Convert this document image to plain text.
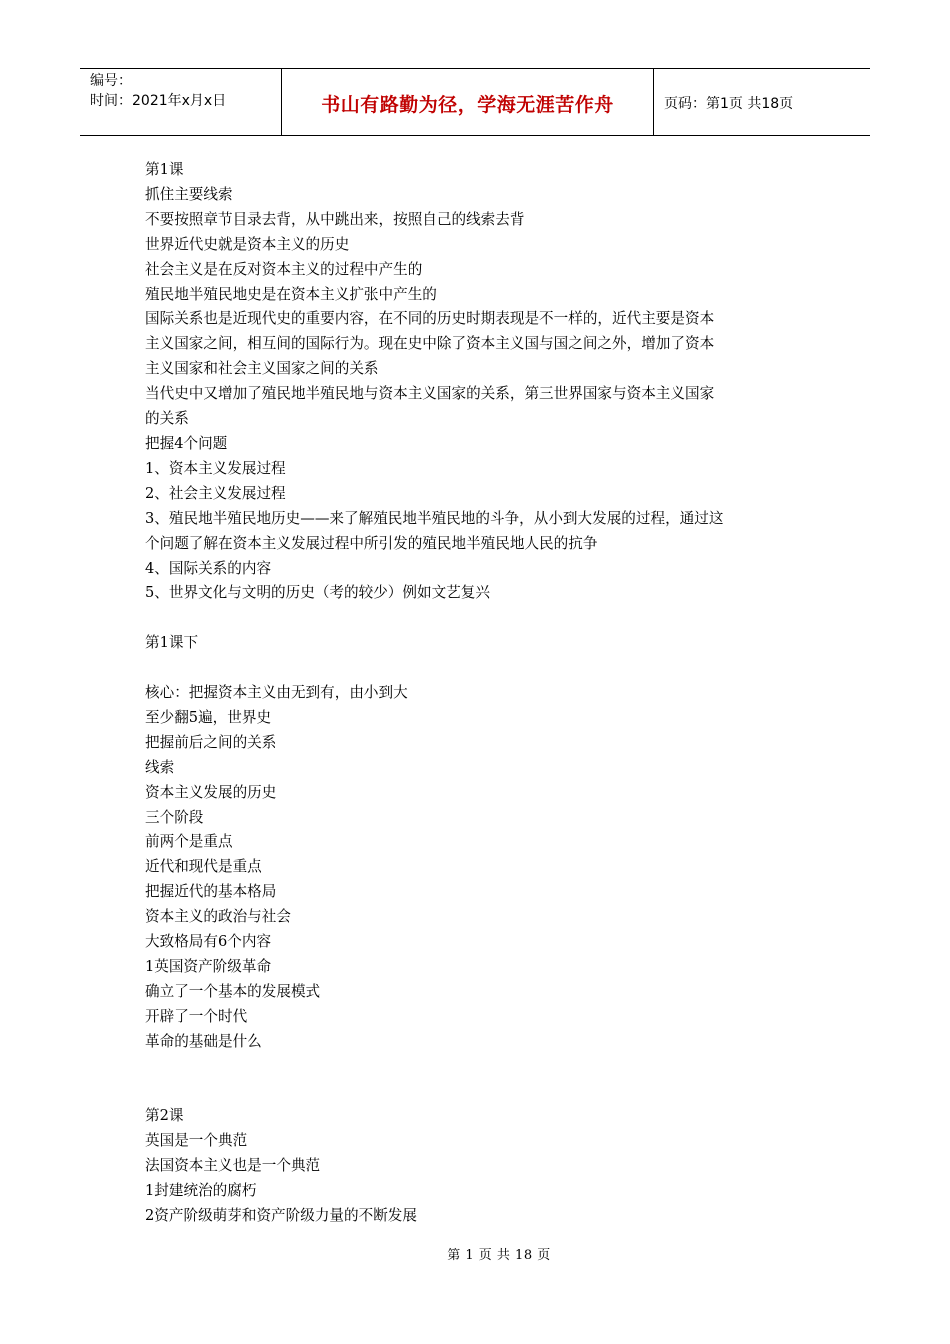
编号：
时间：2021年x月x日	书山有路勤为径，学海无涯苦作舟	页码：第1页 共18页
第1课
抓住主要线索
不要按照章节目录去背，从中跳出来，按照自己的线索去背
世界近代史就是资本主义的历史
社会主义是在反对资本主义的过程中产生的
殖民地半殖民地史是在资本主义扩张中产生的
国际关系也是近现代史的重要内容，在不同的历史时期表现是不一样的，近代主要是资本
主义国家之间，相互间的国际行为。现在史中除了资本主义国与国之间之外，增加了资本
主义国家和社会主义国家之间的关系
当代史中又增加了殖民地半殖民地与资本主义国家的关系，第三世界国家与资本主义国家
的关系
把握4个问题
1、资本主义发展过程
2、社会主义发展过程
3、殖民地半殖民地历史——来了解殖民地半殖民地的斗争，从小到大发展的过程，通过这
个问题了解在资本主义发展过程中所引发的殖民地半殖民地人民的抗争
4、国际关系的内容
5、世界文化与文明的历史（考的较少）例如文艺复兴
第1课下
核心：把握资本主义由无到有，由小到大
至少翻5遍，世界史
把握前后之间的关系
线索
资本主义发展的历史
三个阶段
前两个是重点
近代和现代是重点
把握近代的基本格局
资本主义的政治与社会
大致格局有6个内容
1英国资产阶级革命
确立了一个基本的发展模式
开辟了一个时代
革命的基础是什么
第2课
英国是一个典范
法国资本主义也是一个典范
1封建统治的腐朽
2资产阶级萌芽和资产阶级力量的不断发展
第 1 页 共 18 页
